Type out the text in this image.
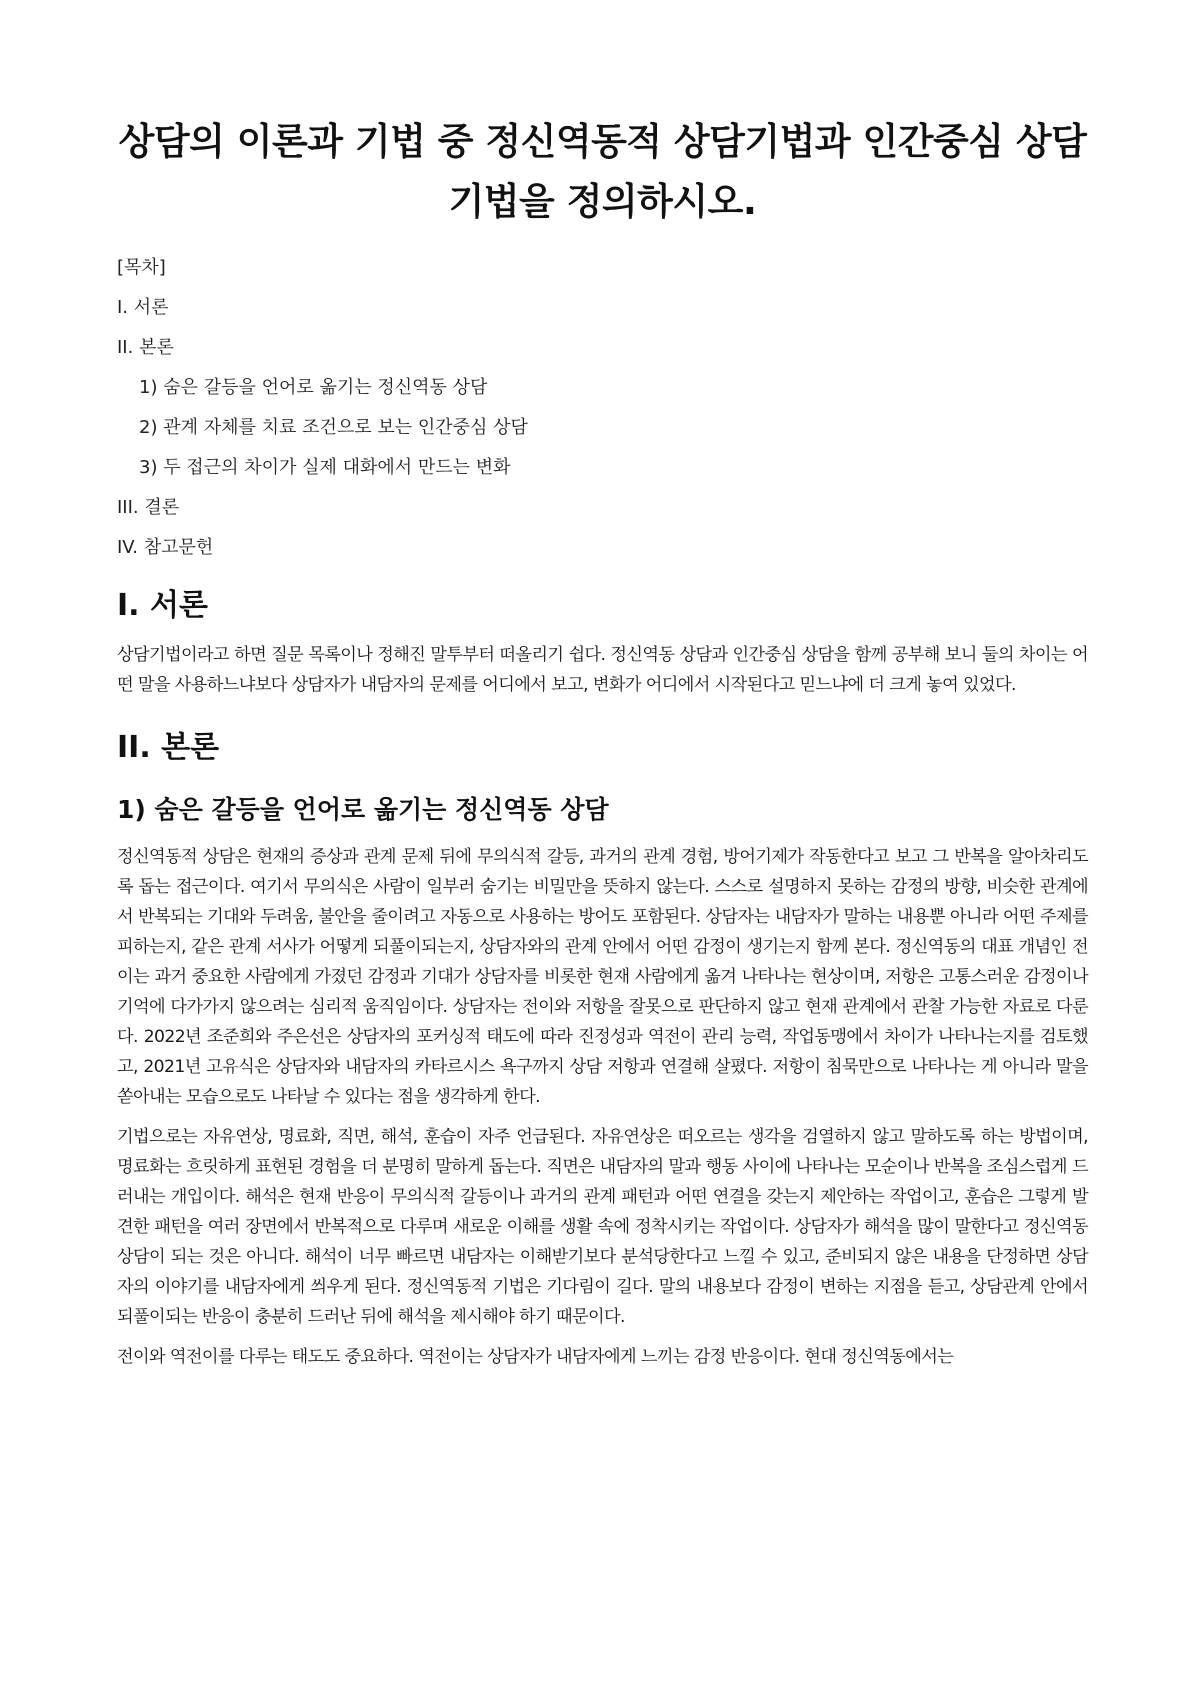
상담의 이론과 기법 중 정신역동적 상담기법과 인간중심 상담기법을 정의하시오.
[목차]
I. 서론
II. 본론
1) 숨은 갈등을 언어로 옮기는 정신역동 상담
2) 관계 자체를 치료 조건으로 보는 인간중심 상담
3) 두 접근의 차이가 실제 대화에서 만드는 변화
III. 결론
IV. 참고문헌
I. 서론

상담기법이라고 하면 질문 목록이나 정해진 말투부터 떠올리기 쉽다. 정신역동 상담과 인간중심 상담을 함께 공부해 보니 둘의 차이는 어떤 말을 사용하느냐보다 상담자가 내담자의 문제를 어디에서 보고, 변화가 어디에서 시작된다고 믿느냐에 더 크게 놓여 있었다.

II. 본론
1) 숨은 갈등을 언어로 옮기는 정신역동 상담

정신역동적 상담은 현재의 증상과 관계 문제 뒤에 무의식적 갈등, 과거의 관계 경험, 방어기제가 작동한다고 보고 그 반복을 알아차리도록 돕는 접근이다. 여기서 무의식은 사람이 일부러 숨기는 비밀만을 뜻하지 않는다. 스스로 설명하지 못하는 감정의 방향, 비슷한 관계에서 반복되는 기대와 두려움, 불안을 줄이려고 자동으로 사용하는 방어도 포함된다. 상담자는 내담자가 말하는 내용뿐 아니라 어떤 주제를 피하는지, 같은 관계 서사가 어떻게 되풀이되는지, 상담자와의 관계 안에서 어떤 감정이 생기는지 함께 본다. 정신역동의 대표 개념인 전이는 과거 중요한 사람에게 가졌던 감정과 기대가 상담자를 비롯한 현재 사람에게 옮겨 나타나는 현상이며, 저항은 고통스러운 감정이나 기억에 다가가지 않으려는 심리적 움직임이다. 상담자는 전이와 저항을 잘못으로 판단하지 않고 현재 관계에서 관찰 가능한 자료로 다룬다. 2022년 조준희와 주은선은 상담자의 포커싱적 태도에 따라 진정성과 역전이 관리 능력, 작업동맹에서 차이가 나타나는지를 검토했고, 2021년 고유식은 상담자와 내담자의 카타르시스 욕구까지 상담 저항과 연결해 살폈다. 저항이 침묵만으로 나타나는 게 아니라 말을 쏟아내는 모습으로도 나타날 수 있다는 점을 생각하게 한다.

기법으로는 자유연상, 명료화, 직면, 해석, 훈습이 자주 언급된다. 자유연상은 떠오르는 생각을 검열하지 않고 말하도록 하는 방법이며, 명료화는 흐릿하게 표현된 경험을 더 분명히 말하게 돕는다. 직면은 내담자의 말과 행동 사이에 나타나는 모순이나 반복을 조심스럽게 드러내는 개입이다. 해석은 현재 반응이 무의식적 갈등이나 과거의 관계 패턴과 어떤 연결을 갖는지 제안하는 작업이고, 훈습은 그렇게 발견한 패턴을 여러 장면에서 반복적으로 다루며 새로운 이해를 생활 속에 정착시키는 작업이다. 상담자가 해석을 많이 말한다고 정신역동 상담이 되는 것은 아니다. 해석이 너무 빠르면 내담자는 이해받기보다 분석당한다고 느낄 수 있고, 준비되지 않은 내용을 단정하면 상담자의 이야기를 내담자에게 씌우게 된다. 정신역동적 기법은 기다림이 길다. 말의 내용보다 감정이 변하는 지점을 듣고, 상담관계 안에서 되풀이되는 반응이 충분히 드러난 뒤에 해석을 제시해야 하기 때문이다.

전이와 역전이를 다루는 태도도 중요하다. 역전이는 상담자가 내담자에게 느끼는 감정 반응이다. 현대 정신역동에서는
